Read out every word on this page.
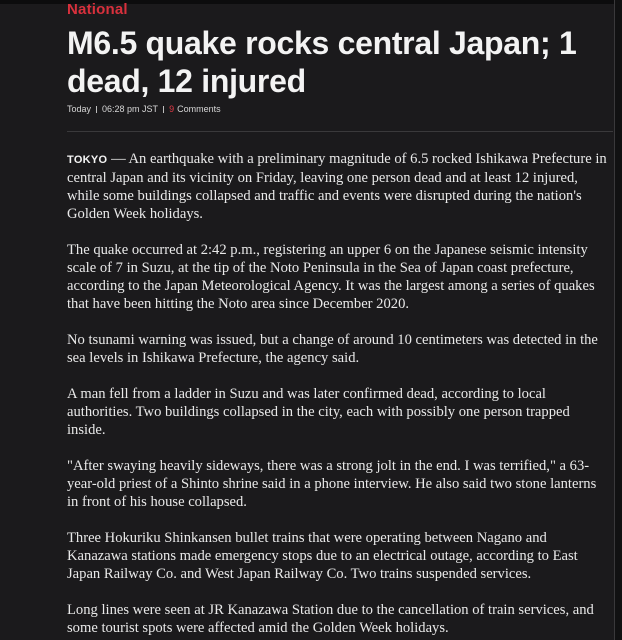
National
M6.5 quake rocks central Japan; 1 dead, 12 injured
Today 06:28 pm JST 9 Comments

TOKYO — An earthquake with a preliminary magnitude of 6.5 rocked Ishikawa Prefecture in central Japan and its vicinity on Friday, leaving one person dead and at least 12 injured, while some buildings collapsed and traffic and events were disrupted during the nation's Golden Week holidays.

The quake occurred at 2:42 p.m., registering an upper 6 on the Japanese seismic intensity scale of 7 in Suzu, at the tip of the Noto Peninsula in the Sea of Japan coast prefecture, according to the Japan Meteorological Agency. It was the largest among a series of quakes that have been hitting the Noto area since December 2020.

No tsunami warning was issued, but a change of around 10 centimeters was detected in the sea levels in Ishikawa Prefecture, the agency said.

A man fell from a ladder in Suzu and was later confirmed dead, according to local authorities. Two buildings collapsed in the city, each with possibly one person trapped inside.

"After swaying heavily sideways, there was a strong jolt in the end. I was terrified," a 63-year-old priest of a Shinto shrine said in a phone interview. He also said two stone lanterns in front of his house collapsed.

Three Hokuriku Shinkansen bullet trains that were operating between Nagano and Kanazawa stations made emergency stops due to an electrical outage, according to East Japan Railway Co. and West Japan Railway Co. Two trains suspended services.

Long lines were seen at JR Kanazawa Station due to the cancellation of train services, and some tourist spots were affected amid the Golden Week holidays.
